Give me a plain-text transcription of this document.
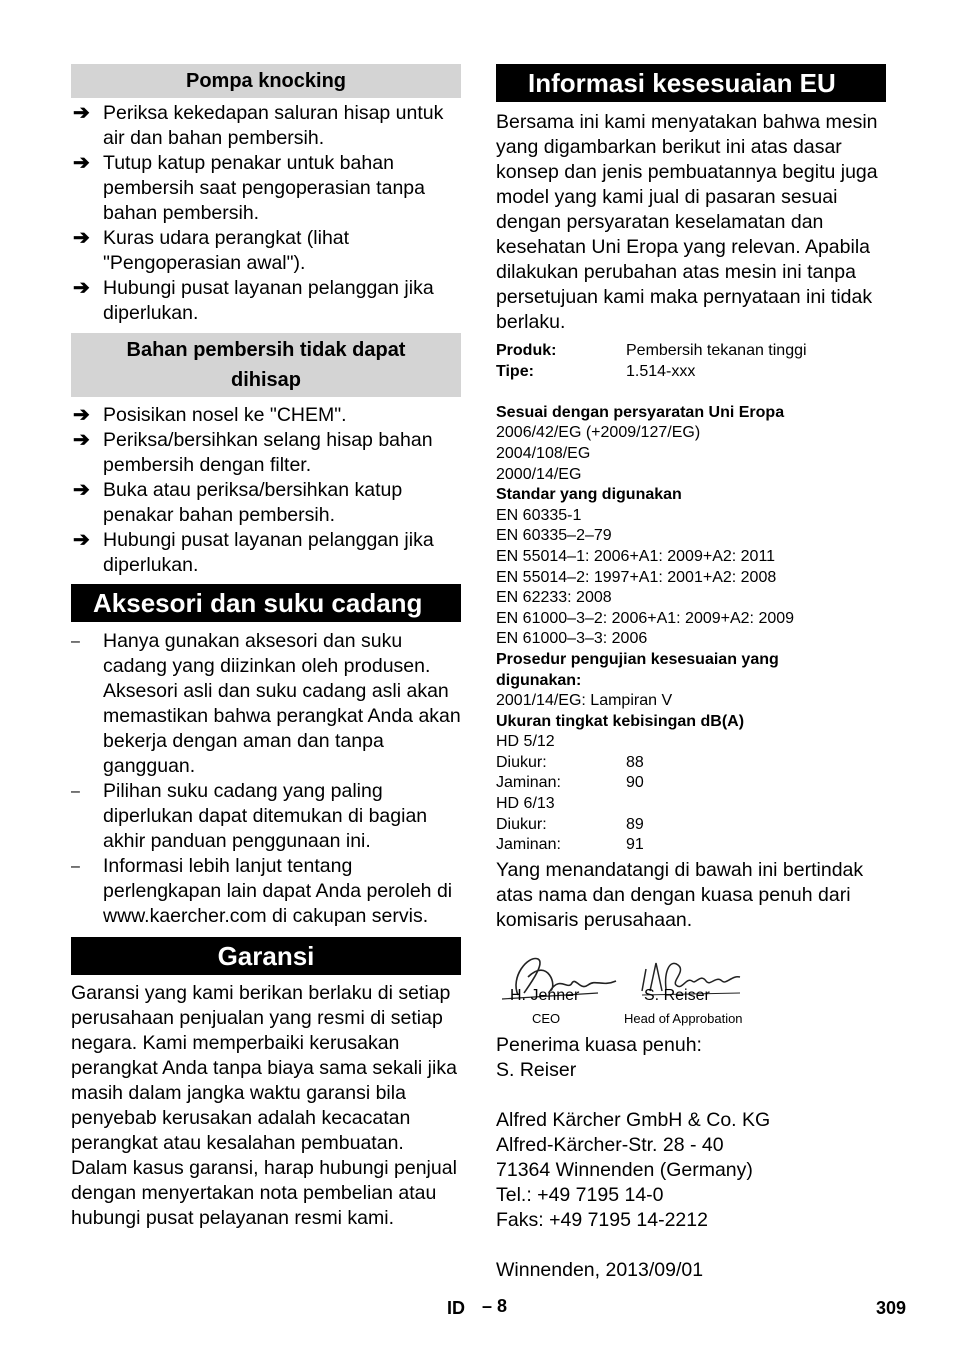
Pompa knocking
➔ Periksa kekedapan saluran hisap untuk air dan bahan pembersih.
➔ Tutup katup penakar untuk bahan pembersih saat pengoperasian tanpa bahan pembersih.
➔ Kuras udara perangkat (lihat "Pengoperasian awal").
➔ Hubungi pusat layanan pelanggan jika diperlukan.
Bahan pembersih tidak dapat
dihisap
➔ Posisikan nosel ke "CHEM".
➔ Periksa/bersihkan selang hisap bahan pembersih dengan filter.
➔ Buka atau periksa/bersihkan katup penakar bahan pembersih.
➔ Hubungi pusat layanan pelanggan jika diperlukan.
Aksesori dan suku cadang
– Hanya gunakan aksesori dan suku cadang yang diizinkan oleh produsen. Aksesori asli dan suku cadang asli akan memastikan bahwa perangkat Anda akan bekerja dengan aman dan tanpa gangguan.
– Pilihan suku cadang yang paling diperlukan dapat ditemukan di bagian akhir panduan penggunaan ini.
– Informasi lebih lanjut tentang perlengkapan lain dapat Anda peroleh di www.kaercher.com di cakupan servis.
Garansi

Garansi yang kami berikan berlaku di setiap perusahaan penjualan yang resmi di setiap negara. Kami memperbaiki kerusakan perangkat Anda tanpa biaya sama sekali jika masih dalam jangka waktu garansi bila penyebab kerusakan adalah kecacatan perangkat atau kesalahan pembuatan. Dalam kasus garansi, harap hubungi penjual dengan menyertakan nota pembelian atau hubungi pusat pelayanan resmi kami.

Informasi kesesuaian EU

Bersama ini kami menyatakan bahwa mesin yang digambarkan berikut ini atas dasar konsep dan jenis pembuatannya begitu juga model yang kami jual di pasaran sesuai dengan persyaratan keselamatan dan kesehatan Uni Eropa yang relevan. Apabila dilakukan perubahan atas mesin ini tanpa persetujuan kami maka pernyataan ini tidak berlaku.

Produk:	Pembersih tekanan tinggi
Tipe:	1.514-xxx
Sesuai dengan persyaratan Uni Eropa
2006/42/EG (+2009/127/EG)
2004/108/EG
2000/14/EG
Standar yang digunakan
EN 60335-1
EN 60335–2–79
EN 55014–1: 2006+A1: 2009+A2: 2011
EN 55014–2: 1997+A1: 2001+A2: 2008
EN 62233: 2008
EN 61000–3–2: 2006+A1: 2009+A2: 2009
EN 61000–3–3: 2006
Prosedur pengujian kesesuaian yang
digunakan:
2001/14/EG: Lampiran V
Ukuran tingkat kebisingan dB(A)
HD 5/12
Diukur:	88
Jaminan:	90
HD 6/13
Diukur:	89
Jaminan:	91

Yang menandatangi di bawah ini bertindak atas nama dan dengan kuasa penuh dari komisaris perusahaan.

H. Jenner
CEO
S. Reiser
Head of Approbation
Penerima kuasa penuh:
S. Reiser
Alfred Kärcher GmbH & Co. KG
Alfred-Kärcher-Str. 28 - 40
71364 Winnenden (Germany)
Tel.: +49 7195 14-0
Faks: +49 7195 14-2212
Winnenden, 2013/09/01
ID – 8	309
